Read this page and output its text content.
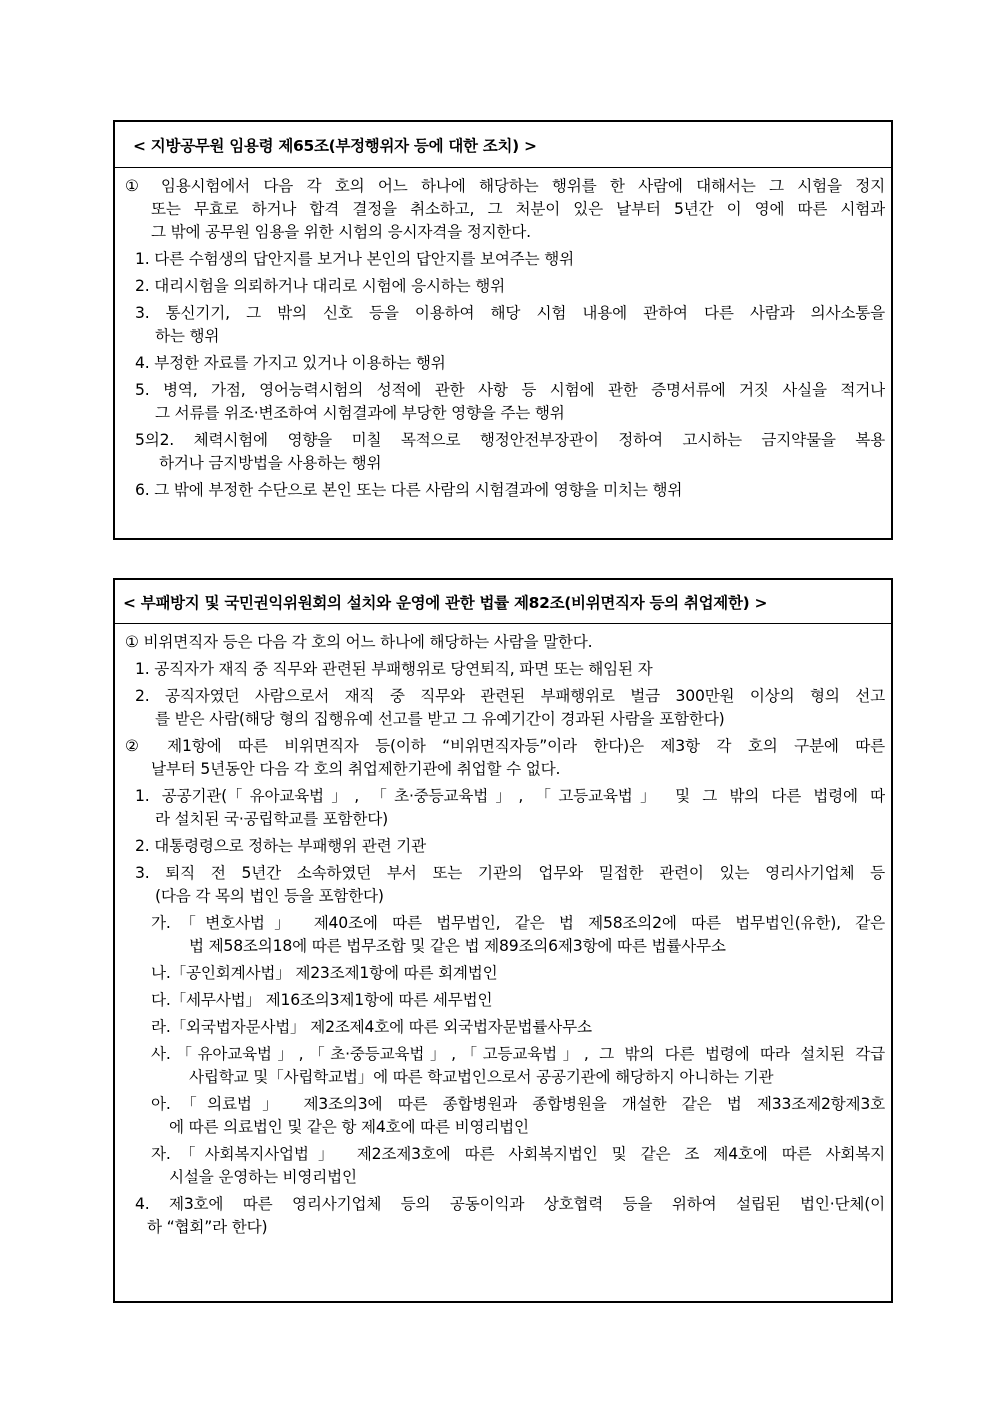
< 지방공무원 임용령 제65조(부정행위자 등에 대한 조치) >
① 임용시험에서 다음 각 호의 어느 하나에 해당하는 행위를 한 사람에 대해서는 그 시험을 정지
또는 무효로 하거나 합격 결정을 취소하고, 그 처분이 있은 날부터 5년간 이 영에 따른 시험과
그 밖에 공무원 임용을 위한 시험의 응시자격을 정지한다.
1. 다른 수험생의 답안지를 보거나 본인의 답안지를 보여주는 행위
2. 대리시험을 의뢰하거나 대리로 시험에 응시하는 행위
3. 통신기기, 그 밖의 신호 등을 이용하여 해당 시험 내용에 관하여 다른 사람과 의사소통을
하는 행위
4. 부정한 자료를 가지고 있거나 이용하는 행위
5. 병역, 가점, 영어능력시험의 성적에 관한 사항 등 시험에 관한 증명서류에 거짓 사실을 적거나
그 서류를 위조·변조하여 시험결과에 부당한 영향을 주는 행위
5의2. 체력시험에 영향을 미칠 목적으로 행정안전부장관이 정하여 고시하는 금지약물을 복용
하거나 금지방법을 사용하는 행위
6. 그 밖에 부정한 수단으로 본인 또는 다른 사람의 시험결과에 영향을 미치는 행위
< 부패방지 및 국민권익위원회의 설치와 운영에 관한 법률 제82조(비위면직자 등의 취업제한) >
① 비위면직자 등은 다음 각 호의 어느 하나에 해당하는 사람을 말한다.
1. 공직자가 재직 중 직무와 관련된 부패행위로 당연퇴직, 파면 또는 해임된 자
2. 공직자였던 사람으로서 재직 중 직무와 관련된 부패행위로 벌금 300만원 이상의 형의 선고
를 받은 사람(해당 형의 집행유예 선고를 받고 그 유예기간이 경과된 사람을 포함한다)
② 제1항에 따른 비위면직자 등(이하 “비위면직자등”이라 한다)은 제3항 각 호의 구분에 따른
날부터 5년동안 다음 각 호의 취업제한기관에 취업할 수 없다.
1. 공공기관(「유아교육법」, 「초·중등교육법」, 「고등교육법」 및 그 밖의 다른 법령에 따
라 설치된 국·공립학교를 포함한다)
2. 대통령령으로 정하는 부패행위 관련 기관
3. 퇴직 전 5년간 소속하였던 부서 또는 기관의 업무와 밀접한 관련이 있는 영리사기업체 등
(다음 각 목의 법인 등을 포함한다)
가.「변호사법」 제40조에 따른 법무법인, 같은 법 제58조의2에 따른 법무법인(유한), 같은
법 제58조의18에 따른 법무조합 및 같은 법 제89조의6제3항에 따른 법률사무소
나.「공인회계사법」 제23조제1항에 따른 회계법인
다.「세무사법」 제16조의3제1항에 따른 세무법인
라.「외국법자문사법」 제2조제4호에 따른 외국법자문법률사무소
사.「유아교육법」,「초·중등교육법」,「고등교육법」, 그 밖의 다른 법령에 따라 설치된 각급
사립학교 및「사립학교법」에 따른 학교법인으로서 공공기관에 해당하지 아니하는 기관
아.「의료법」 제3조의3에 따른 종합병원과 종합병원을 개설한 같은 법 제33조제2항제3호
에 따른 의료법인 및 같은 항 제4호에 따른 비영리법인
자.「사회복지사업법」 제2조제3호에 따른 사회복지법인 및 같은 조 제4호에 따른 사회복지
시설을 운영하는 비영리법인
4. 제3호에 따른 영리사기업체 등의 공동이익과 상호협력 등을 위하여 설립된 법인·단체(이
하 “협회”라 한다)
